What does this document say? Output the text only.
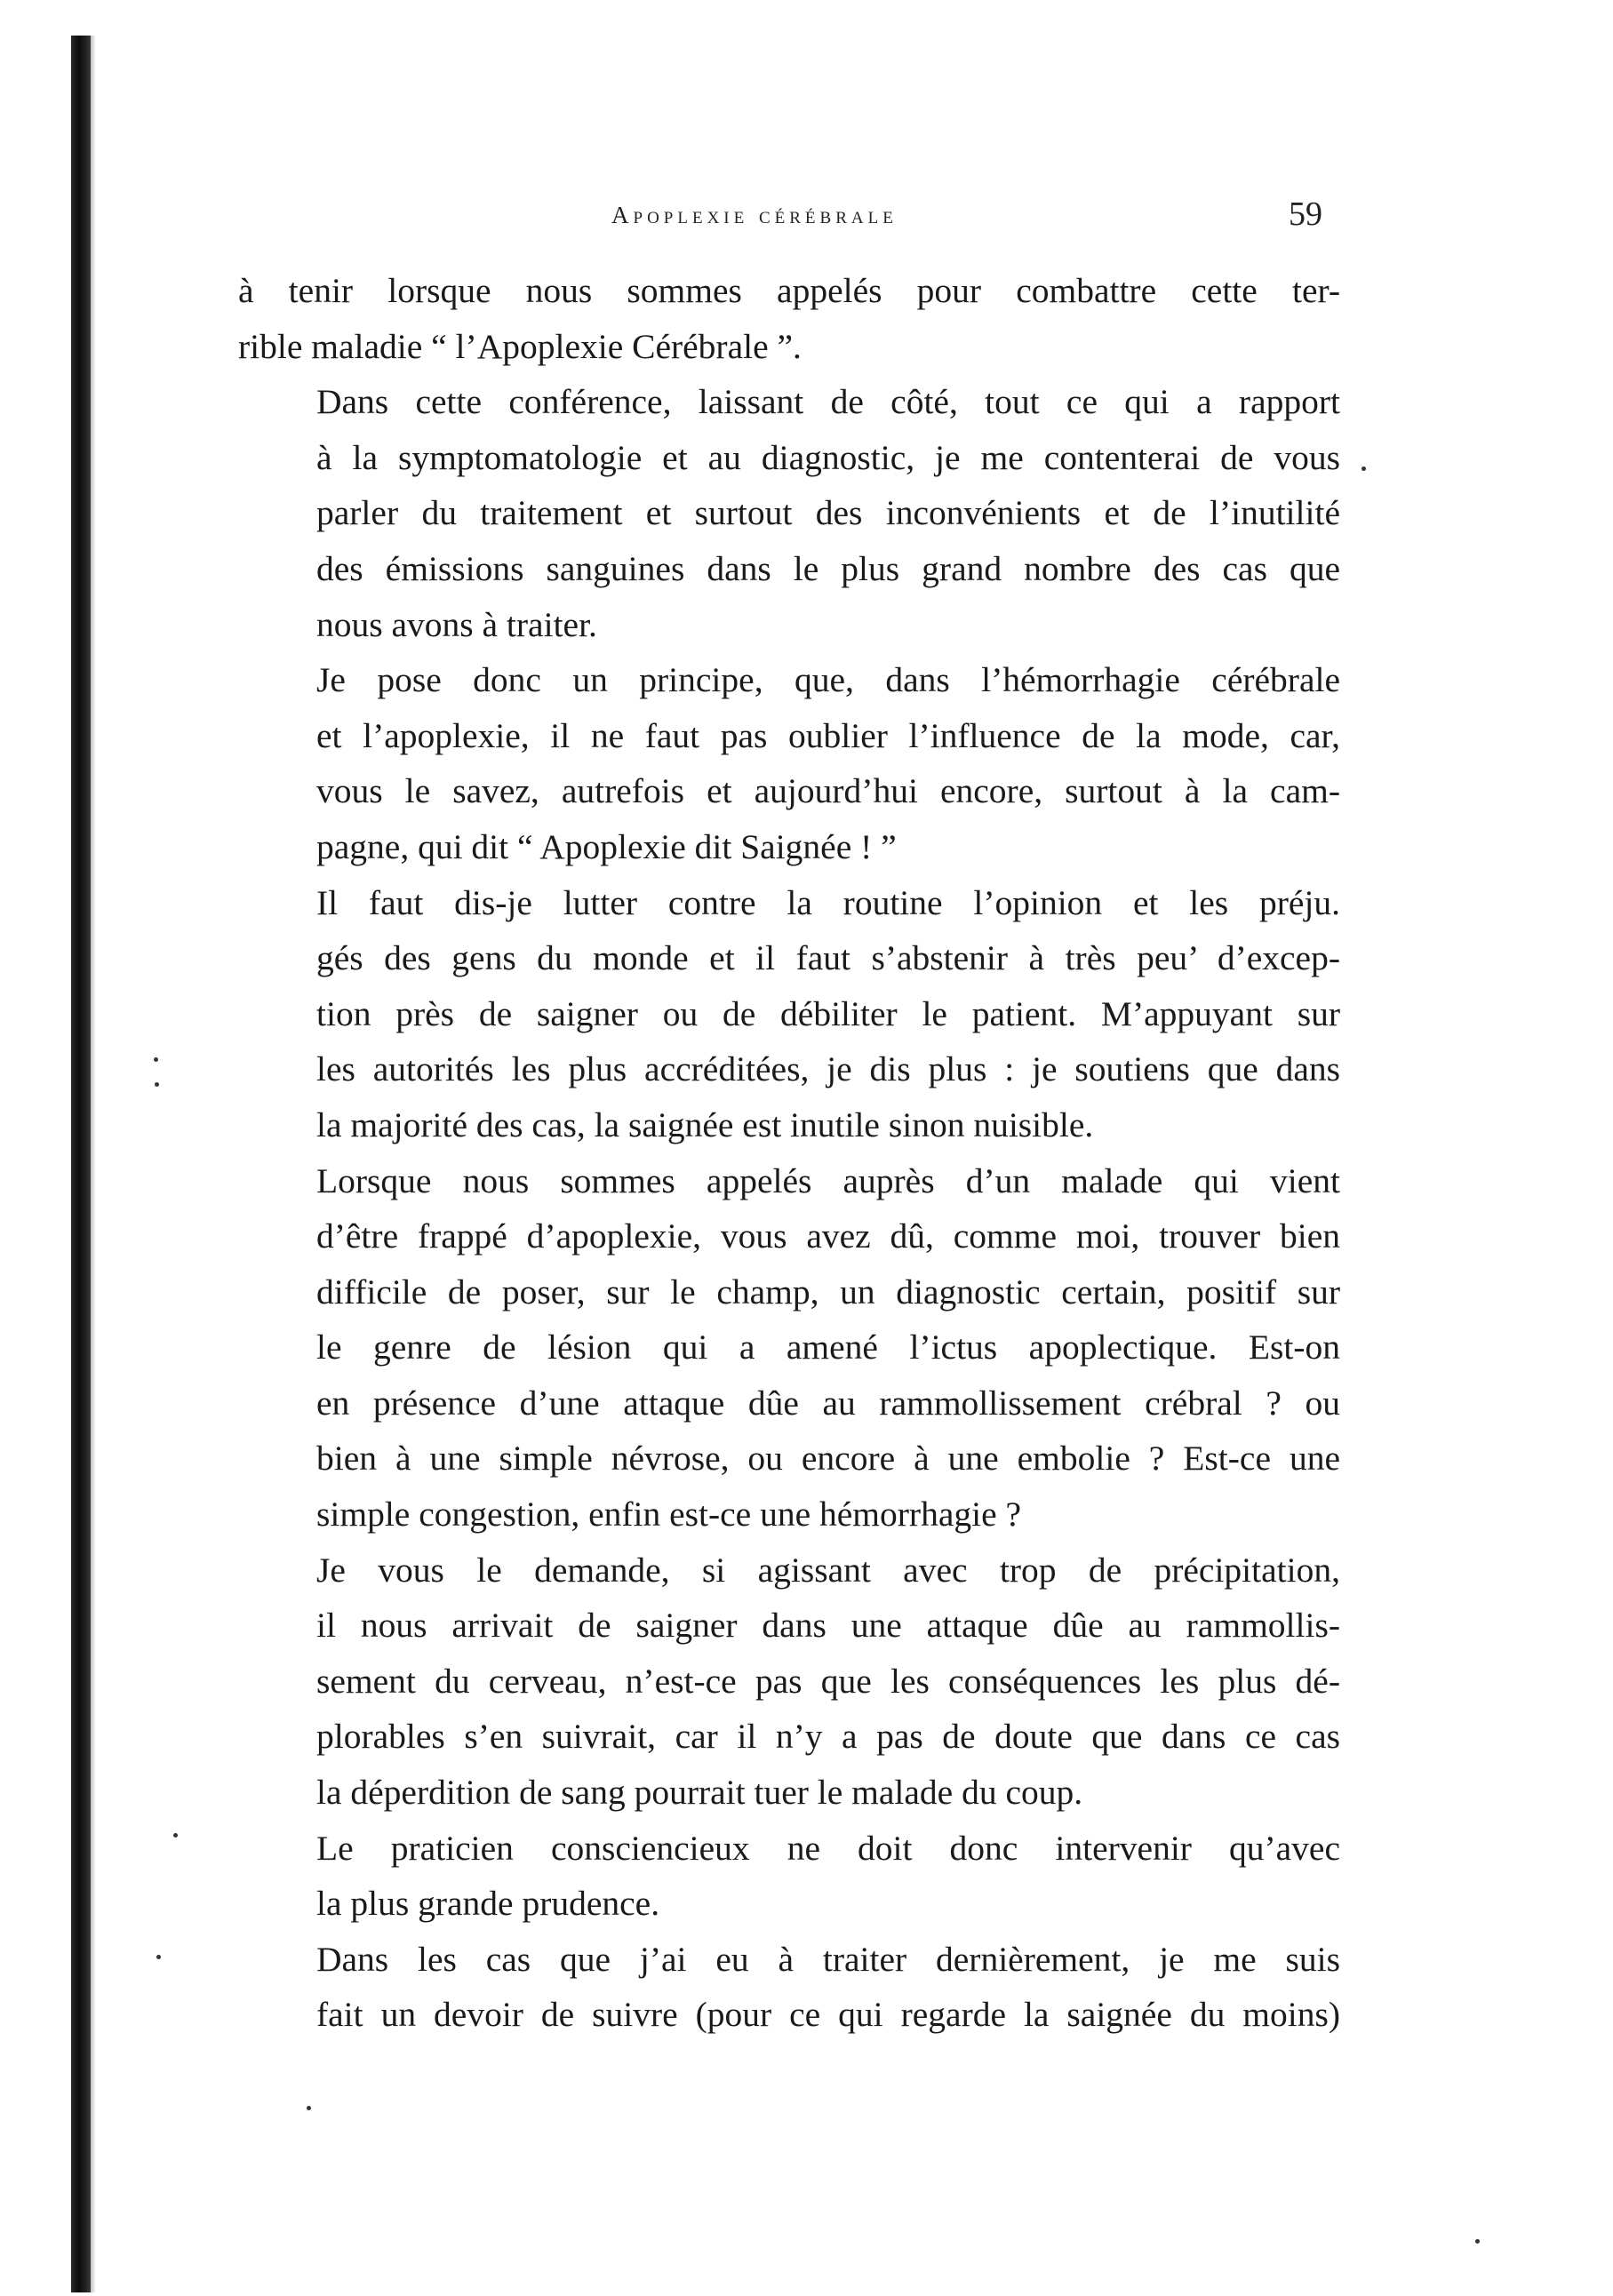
Apoplexie cérébrale	59

à tenir lorsque nous sommes appelés pour combattre cette ter-
rible maladie “ l’Apoplexie Cérébrale ”.

Dans cette conférence, laissant de côté, tout ce qui a rapport
à la symptomatologie et au diagnostic, je me contenterai de vous
parler du traitement et surtout des inconvénients et de l’inutilité
des émissions sanguines dans le plus grand nombre des cas que
nous avons à traiter.

Je pose donc un principe, que, dans l’hémorrhagie cérébrale
et l’apoplexie, il ne faut pas oublier l’influence de la mode, car,
vous le savez, autrefois et aujourd’hui encore, surtout à la cam-
pagne, qui dit “ Apoplexie dit Saignée ! ”

Il faut dis-je lutter contre la routine l’opinion et les préju.
gés des gens du monde et il faut s’abstenir à très peu’ d’excep-
tion près de saigner ou de débiliter le patient. M’appuyant sur
les autorités les plus accréditées, je dis plus : je soutiens que dans
la majorité des cas, la saignée est inutile sinon nuisible.

Lorsque nous sommes appelés auprès d’un malade qui vient
d’être frappé d’apoplexie, vous avez dû, comme moi, trouver bien
difficile de poser, sur le champ, un diagnostic certain, positif sur
le genre de lésion qui a amené l’ictus apoplectique. Est-on
en présence d’une attaque dûe au rammollissement crébral ? ou
bien à une simple névrose, ou encore à une embolie ? Est-ce une
simple congestion, enfin est-ce une hémorrhagie ?

Je vous le demande, si agissant avec trop de précipitation,
il nous arrivait de saigner dans une attaque dûe au rammollis-
sement du cerveau, n’est-ce pas que les conséquences les plus dé-
plorables s’en suivrait, car il n’y a pas de doute que dans ce cas
la déperdition de sang pourrait tuer le malade du coup.

Le praticien consciencieux ne doit donc intervenir qu’avec
la plus grande prudence.

Dans les cas que j’ai eu à traiter dernièrement, je me suis
fait un devoir de suivre (pour ce qui regarde la saignée du moins)
